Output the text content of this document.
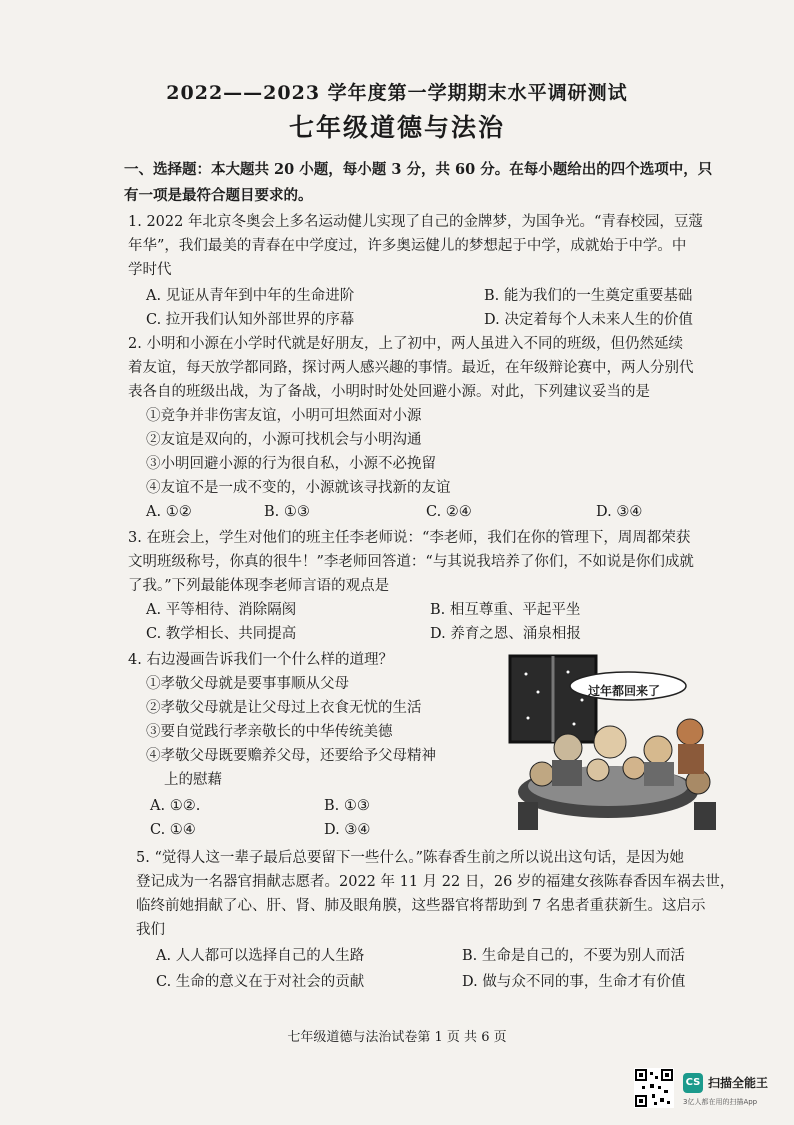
2022——2023 学年度第一学期期末水平调研测试
七年级道德与法治
一、选择题：本大题共 20 小题，每小题 3 分，共 60 分。在每小题给出的四个选项中，只
有一项是最符合题目要求的。
1. 2022 年北京冬奥会上多名运动健儿实现了自己的金牌梦，为国争光。“青春校园，豆蔻
年华”，我们最美的青春在中学度过，许多奥运健儿的梦想起于中学，成就始于中学。中
学时代
A. 见证从青年到中年的生命进阶	B. 能为我们的一生奠定重要基础
C. 拉开我们认知外部世界的序幕	D. 决定着每个人未来人生的价值
2. 小明和小源在小学时代就是好朋友，上了初中，两人虽进入不同的班级，但仍然延续
着友谊，每天放学都同路，探讨两人感兴趣的事情。最近，在年级辩论赛中，两人分别代
表各自的班级出战，为了备战，小明时时处处回避小源。对此，下列建议妥当的是
①竞争并非伤害友谊，小明可坦然面对小源
②友谊是双向的，小源可找机会与小明沟通
③小明回避小源的行为很自私，小源不必挽留
④友谊不是一成不变的，小源就该寻找新的友谊
A. ①②	B. ①③	C. ②④	D. ③④
3. 在班会上，学生对他们的班主任李老师说：“李老师，我们在你的管理下，周周都荣获
文明班级称号，你真的很牛！”李老师回答道：“与其说我培养了你们，不如说是你们成就
了我。”下列最能体现李老师言语的观点是
A. 平等相待、消除隔阂	B. 相互尊重、平起平坐
C. 教学相长、共同提高	D. 养育之恩、涌泉相报
4. 右边漫画告诉我们一个什么样的道理？
①孝敬父母就是要事事顺从父母
②孝敬父母就是让父母过上衣食无忧的生活
③要自觉践行孝亲敬长的中华传统美德
④孝敬父母既要赡养父母，还要给予父母精神
上的慰藉
A. ①②.	B. ①③
C. ①④	D. ③④
过年都回来了
5. “觉得人这一辈子最后总要留下一些什么。”陈春香生前之所以说出这句话，是因为她
登记成为一名器官捐献志愿者。2022 年 11 月 22 日，26 岁的福建女孩陈春香因车祸去世，
临终前她捐献了心、肝、肾、肺及眼角膜，这些器官将帮助到 7 名患者重获新生。这启示
我们
A. 人人都可以选择自己的人生路	B. 生命是自己的，不要为别人而活
C. 生命的意义在于对社会的贡献	D. 做与众不同的事，生命才有价值
七年级道德与法治试卷第 1 页 共 6 页
CS 扫描全能王
3亿人都在用的扫描App
